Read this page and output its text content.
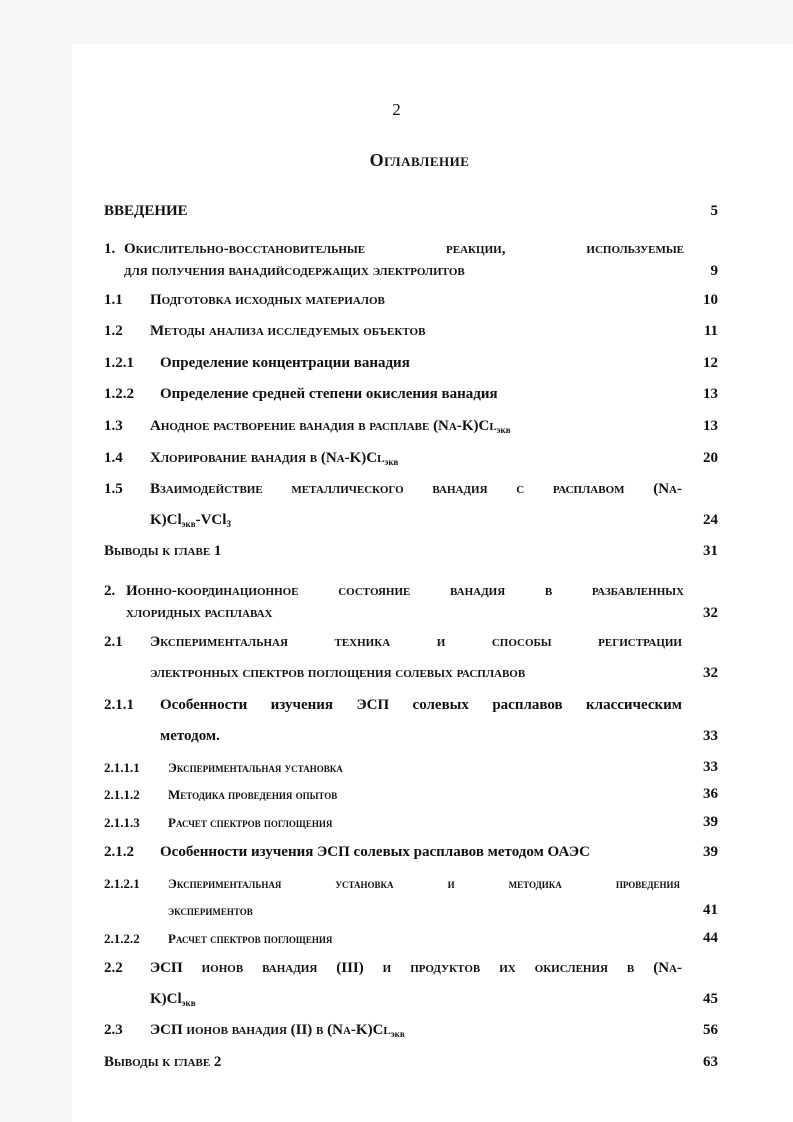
2
Оглавление
ВВЕДЕНИЕ	5
1. Окислительно-восстановительные реакции, используемые
для получения ванадийсодержащих электролитов	9
1.1 Подготовка исходных материалов	10
1.2 Методы анализа исследуемых объектов	11
1.2.1 Определение концентрации ванадия	12
1.2.2 Определение средней степени окисления ванадия	13
1.3 Анодное растворение ванадия в расплаве $(Na-K)Cl_{экв}$	13
1.4 Хлорирование ванадия в $(Na-K)Cl_{экв}$	20
1.5 Взаимодействие металлического ванадия с расплавом (Na-
$K)Cl_{экв}-VCl_3$	24
Выводы к главе 1	31
2. Ионно-координационное состояние ванадия в разбавленных
хлоридных расплавах	32
2.1 Экспериментальная техника и способы регистрации
электронных спектров поглощения солевых расплавов	32
2.1.1 Особенности изучения ЭСП солевых расплавов классическим
методом.	33
2.1.1.1 Экспериментальная установка	33
2.1.1.2 Методика проведения опытов	36
2.1.1.3 Расчет спектров поглощения	39
2.1.2 Особенности изучения ЭСП солевых расплавов методом ОАЭС	39
2.1.2.1 Экспериментальная установка и методика проведения
экспериментов	41
2.1.2.2 Расчет спектров поглощения	44
2.2 ЭСП ионов ванадия (III) и продуктов их окисления в (Na-
$K)Cl_{экв}$	45
2.3 ЭСП ионов ванадия (II) в $(Na-K)Cl_{экв}$	56
Выводы к главе 2	63
